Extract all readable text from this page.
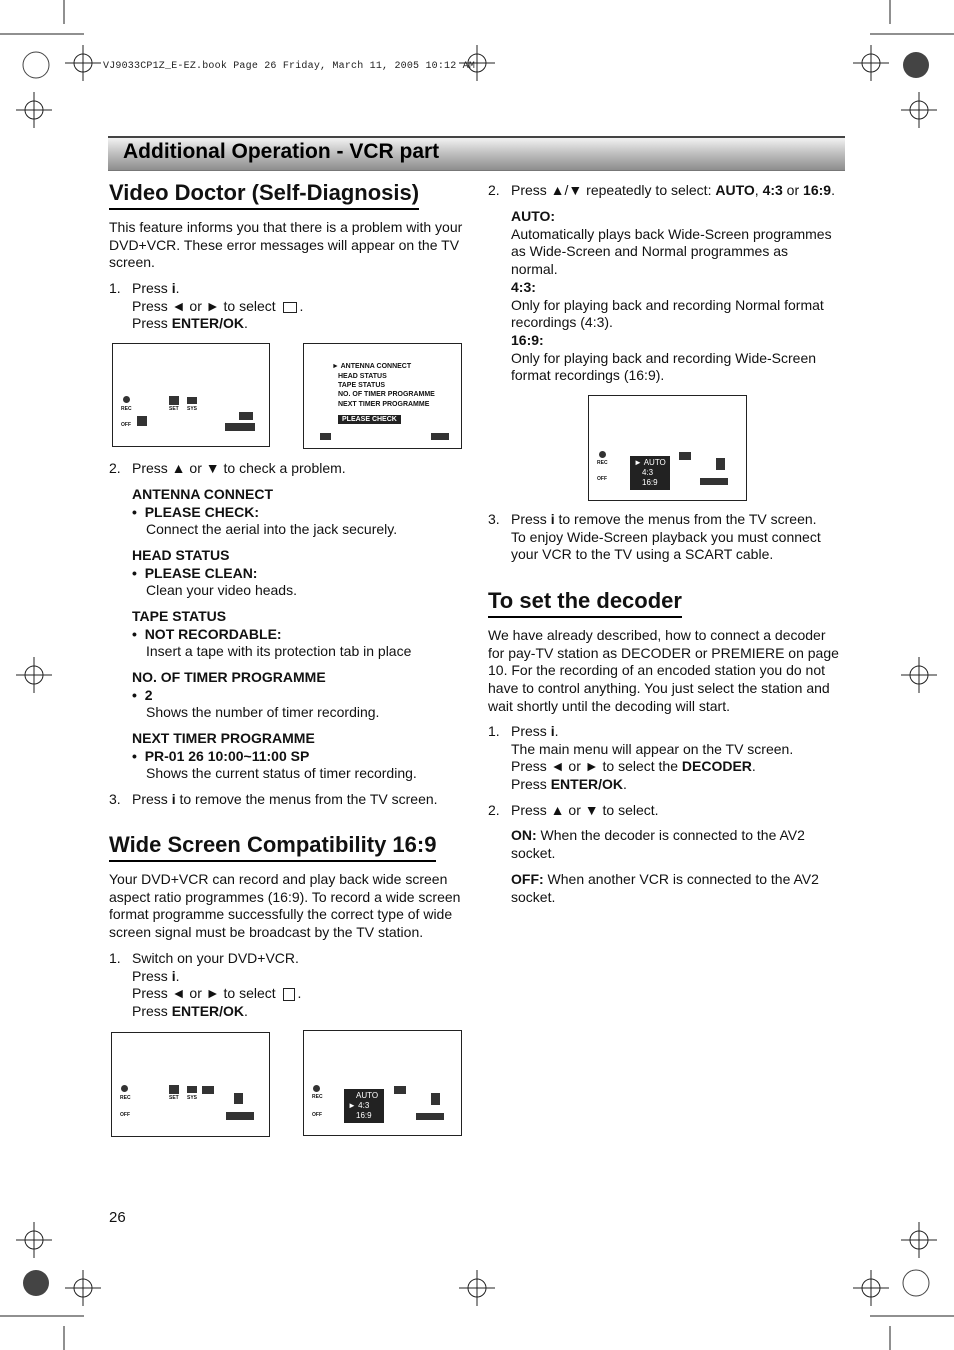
VJ9033CP1Z_E-EZ.book Page 26 Friday, March 11, 2005 10:12 AM
Additional Operation - VCR part
Video Doctor (Self-Diagnosis)
This feature informs you that there is a problem with your
DVD+VCR. These error messages will appear on the TV
screen.
1. Press i.
Press ◄ or ► to select .
Press ENTER/OK.
REC
OFF
SET SYS
► ANTENNA CONNECT
HEAD STATUS
TAPE STATUS
NO. OF TIMER PROGRAMME
NEXT TIMER PROGRAMME
PLEASE CHECK
2. Press ▲ or ▼ to check a problem.
ANTENNA CONNECT
•  PLEASE CHECK:
Connect the aerial into the jack securely.
HEAD STATUS
•  PLEASE CLEAN:
Clean your video heads.
TAPE STATUS
•  NOT RECORDABLE:
Insert a tape with its protection tab in place
NO. OF TIMER PROGRAMME
•  2
Shows the number of timer recording.
NEXT TIMER PROGRAMME
•  PR-01 26 10:00~11:00 SP
Shows the current status of timer recording.
3. Press i to remove the menus from the TV screen.
Wide Screen Compatibility 16:9
Your DVD+VCR can record and play back wide screen
aspect ratio programmes (16:9). To record a wide screen
format programme successfully the correct type of wide
screen signal must be broadcast by the TV station.
1. Switch on your DVD+VCR.
Press i.
Press ◄ or ► to select .
Press ENTER/OK.
REC
OFF
SET SYS	REC
OFF
AUTO
► 4:3
16:9
2. Press ▲/▼ repeatedly to select: AUTO, 4:3 or 16:9.
AUTO:
Automatically plays back Wide-Screen programmes
as Wide-Screen and Normal programmes as
normal.
4:3:
Only for playing back and recording Normal format
recordings (4:3).
16:9:
Only for playing back and recording Wide-Screen
format recordings (16:9).
REC
OFF
► AUTO
4:3
16:9
3. Press i to remove the menus from the TV screen.
To enjoy Wide-Screen playback you must connect
your VCR to the TV using a SCART cable.
To set the decoder
We have already described, how to connect a decoder
for pay-TV station as DECODER or PREMIERE on page
10. For the recording of an encoded station you do not
have to control anything. You just select the station and
wait shortly until the decoding will start.
1. Press i.
The main menu will appear on the TV screen.
Press ◄ or ► to select the DECODER.
Press ENTER/OK.
2. Press ▲ or ▼ to select.
ON: When the decoder is connected to the AV2
socket.
OFF: When another VCR is connected to the AV2
socket.
26
